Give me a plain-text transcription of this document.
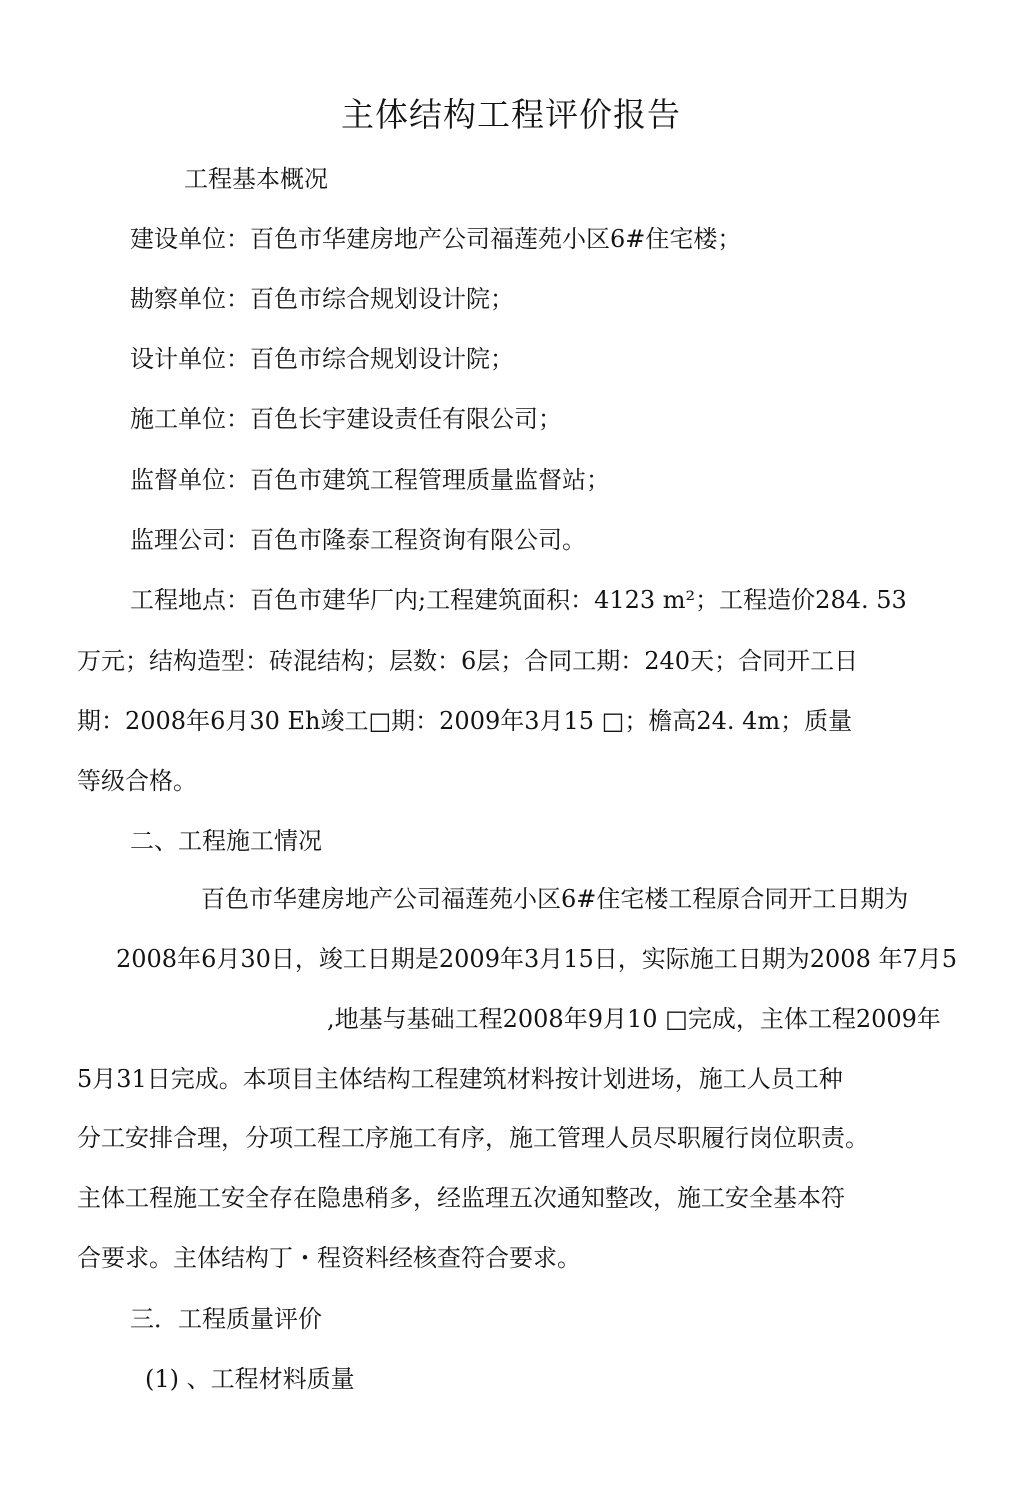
主体结构工程评价报告
工程基本概况
建设单位：百色市华建房地产公司福莲苑小区6#住宅楼；
勘察单位：百色市综合规划设计院；
设计单位：百色市综合规划设计院；
施工单位：百色长宇建设责任有限公司；
监督单位：百色市建筑工程管理质量监督站；
监理公司：百色市隆泰工程资询有限公司。
工程地点：百色市建华厂内;工程建筑面积：4123 m²；工程造价284. 53
万元；结构造型：砖混结构；层数：6层；合同工期：240天；合同开工日
期：2008年6月30 Eh竣工□期：2009年3月15 □；檐高24. 4m；质量
等级合格。
二、工程施工情况
百色市华建房地产公司福莲苑小区6#住宅楼工程原合同开工日期为
2008年6月30日，竣工日期是2009年3月15日，实际施工日期为2008 年7月5
,地基与基础工程2008年9月10 □完成，主体工程2009年
5月31日完成。本项目主体结构工程建筑材料按计划进场，施工人员工种
分工安排合理，分项工程工序施工有序，施工管理人员尽职履行岗位职责。
主体工程施工安全存在隐患稍多，经监理五次通知整改，施工安全基本符
合要求。主体结构丁・程资料经核查符合要求。
三．工程质量评价
(1) 、工程材料质量
